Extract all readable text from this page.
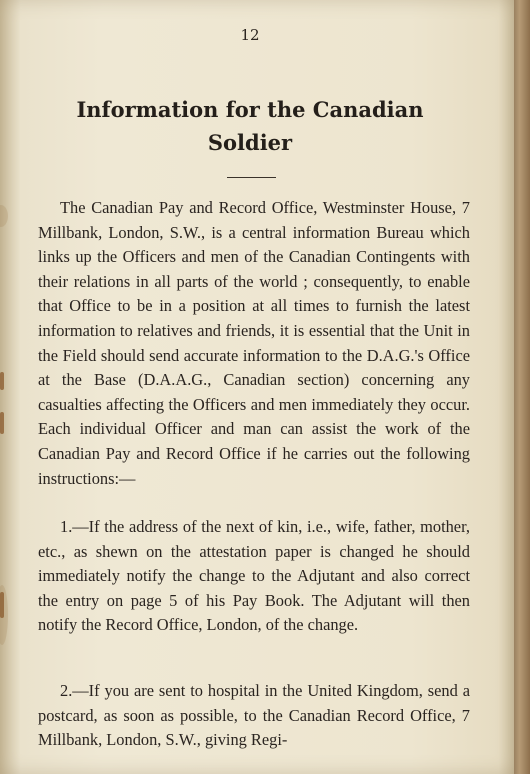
12
Information for the Canadian
Soldier

The Canadian Pay and Record Office, Westminster House, 7 Millbank, London, S.W., is a central information Bureau which links up the Officers and men of the Canadian Contingents with their relations in all parts of the world ; consequently, to enable that Office to be in a position at all times to furnish the latest information to relatives and friends, it is essential that the Unit in the Field should send accurate information to the D.A.G.'s Office at the Base (D.A.A.G., Canadian section) concerning any casualties affecting the Officers and men immediately they occur. Each individual Officer and man can assist the work of the Canadian Pay and Record Office if he carries out the following instructions:—

1.—If the address of the next of kin, i.e., wife, father, mother, etc., as shewn on the attestation paper is changed he should immediately notify the change to the Adjutant and also correct the entry on page 5 of his Pay Book. The Adjutant will then notify the Record Office, London, of the change.

2.—If you are sent to hospital in the United Kingdom, send a postcard, as soon as possible, to the Canadian Record Office, 7 Millbank, London, S.W., giving Regi-
